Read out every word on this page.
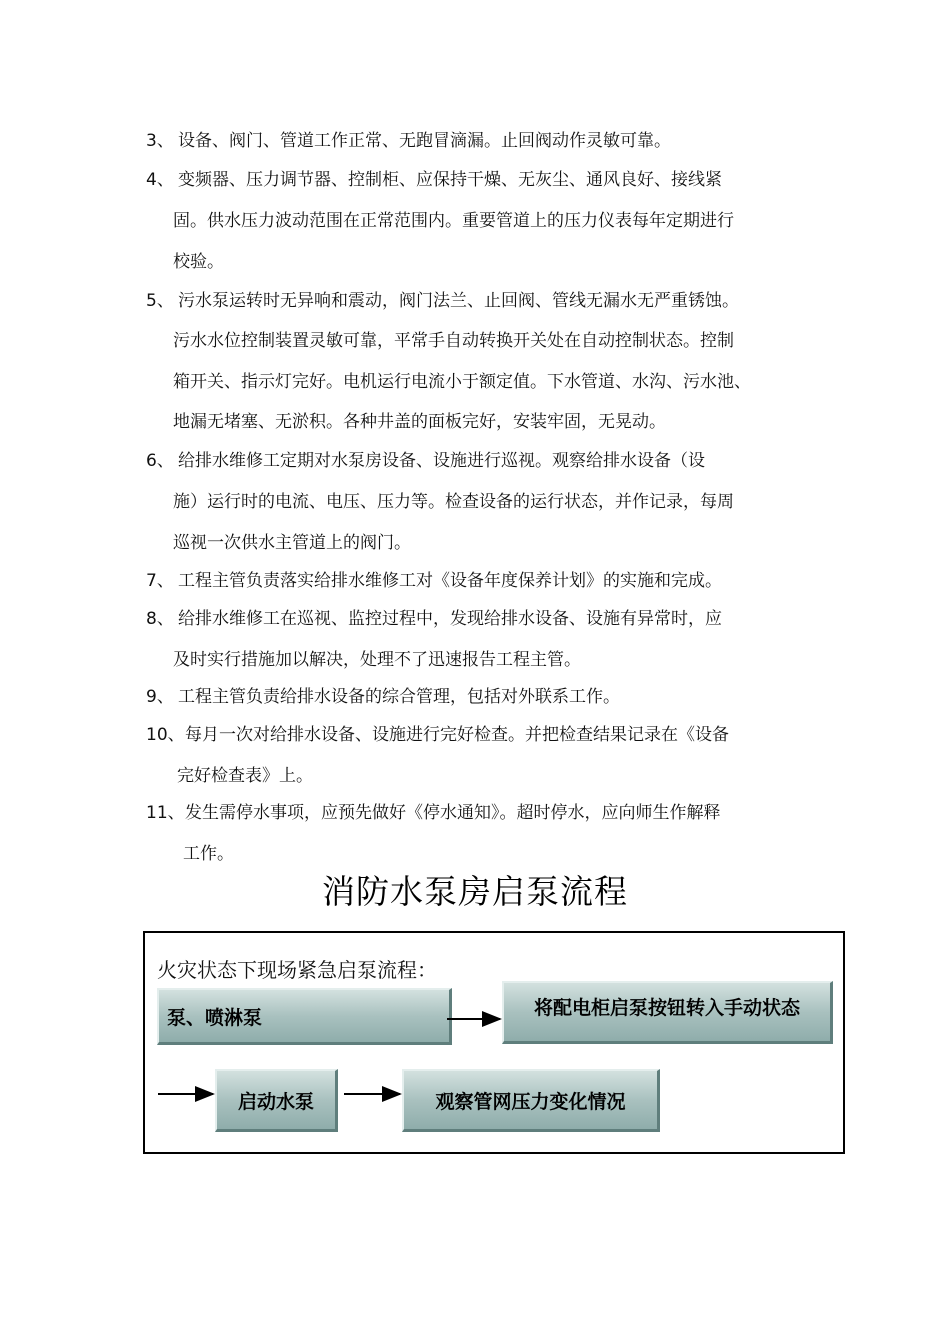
3、 设备、阀门、管道工作正常、无跑冒滴漏。止回阀动作灵敏可靠。
4、 变频器、压力调节器、控制柜、应保持干燥、无灰尘、通风良好、接线紧
固。供水压力波动范围在正常范围内。重要管道上的压力仪表每年定期进行
校验。
5、 污水泵运转时无异响和震动，阀门法兰、止回阀、管线无漏水无严重锈蚀。
污水水位控制装置灵敏可靠，平常手自动转换开关处在自动控制状态。控制
箱开关、指示灯完好。电机运行电流小于额定值。下水管道、水沟、污水池、
地漏无堵塞、无淤积。各种井盖的面板完好，安装牢固，无晃动。
6、 给排水维修工定期对水泵房设备、设施进行巡视。观察给排水设备（设
施）运行时的电流、电压、压力等。检查设备的运行状态，并作记录，每周
巡视一次供水主管道上的阀门。
7、 工程主管负责落实给排水维修工对《设备年度保养计划》的实施和完成。
8、 给排水维修工在巡视、监控过程中，发现给排水设备、设施有异常时，应
及时实行措施加以解决，处理不了迅速报告工程主管。
9、 工程主管负责给排水设备的综合管理，包括对外联系工作。
10、 每月一次对给排水设备、设施进行完好检查。并把检查结果记录在《设备
完好检查表》上。
11、 发生需停水事项，应预先做好《停水通知》。超时停水，应向师生作解释
工作。
消防水泵房启泵流程
火灾状态下现场紧急启泵流程：
泵、喷淋泵	将配电柜启泵按钮转入手动状态
启动水泵	观察管网压力变化情况
